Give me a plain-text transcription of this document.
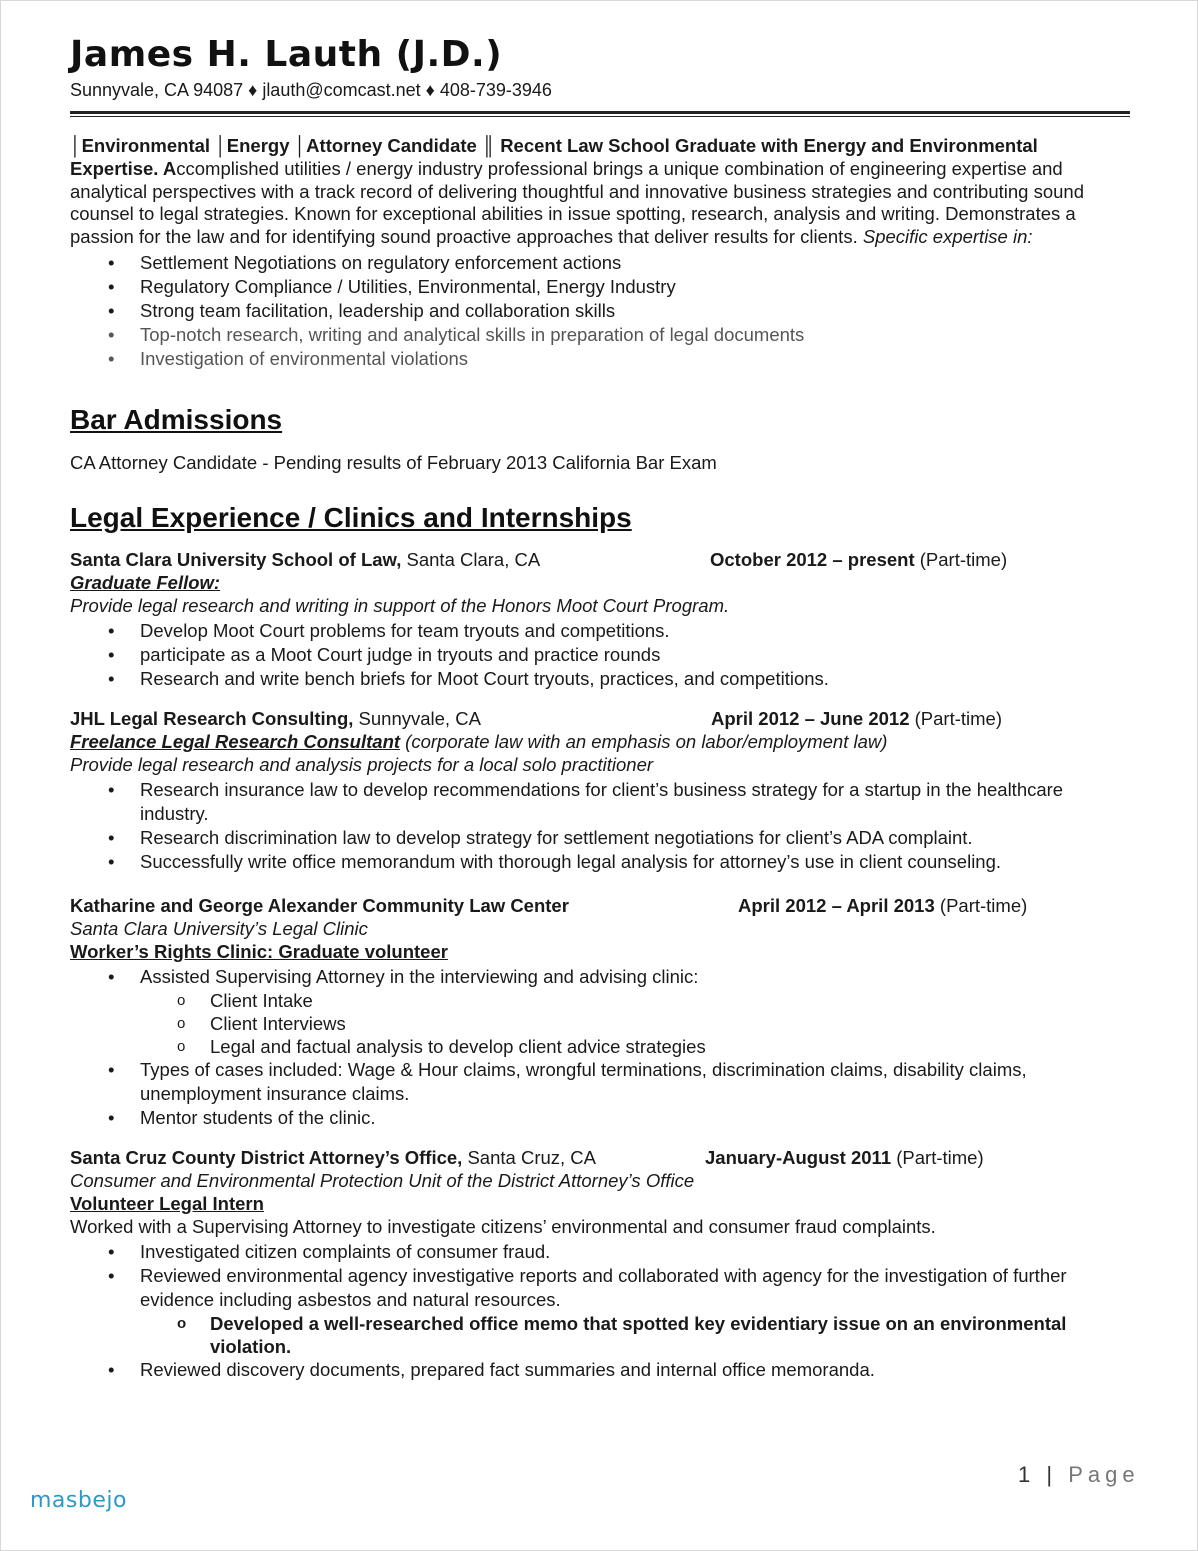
James H. Lauth (J.D.)
Sunnyvale, CA 94087 ♦ jlauth@comcast.net ♦ 408-739-3946
│Environmental │Energy │Attorney Candidate ║ Recent Law School Graduate with Energy and Environmental Expertise. Accomplished utilities / energy industry professional brings a unique combination of engineering expertise and analytical perspectives with a track record of delivering thoughtful and innovative business strategies and contributing sound counsel to legal strategies. Known for exceptional abilities in issue spotting, research, analysis and writing. Demonstrates a passion for the law and for identifying sound proactive approaches that deliver results for clients. Specific expertise in:
• Settlement Negotiations on regulatory enforcement actions
• Regulatory Compliance / Utilities, Environmental, Energy Industry
• Strong team facilitation, leadership and collaboration skills
• Top-notch research, writing and analytical skills in preparation of legal documents
• Investigation of environmental violations
Bar Admissions
CA Attorney Candidate - Pending results of February 2013 California Bar Exam
Legal Experience / Clinics and Internships
Santa Clara University School of Law, Santa Clara, CA	October 2012 – present (Part-time)
Graduate Fellow:
Provide legal research and writing in support of the Honors Moot Court Program.
• Develop Moot Court problems for team tryouts and competitions.
• participate as a Moot Court judge in tryouts and practice rounds
• Research and write bench briefs for Moot Court tryouts, practices, and competitions.
JHL Legal Research Consulting, Sunnyvale, CA	April 2012 – June 2012 (Part-time)
Freelance Legal Research Consultant (corporate law with an emphasis on labor/employment law)
Provide legal research and analysis projects for a local solo practitioner
• Research insurance law to develop recommendations for client’s business strategy for a startup in the healthcare industry.
• Research discrimination law to develop strategy for settlement negotiations for client’s ADA complaint.
• Successfully write office memorandum with thorough legal analysis for attorney’s use in client counseling.
Katharine and George Alexander Community Law Center	April 2012 – April 2013 (Part-time)
Santa Clara University’s Legal Clinic
Worker’s Rights Clinic: Graduate volunteer
• Assisted Supervising Attorney in the interviewing and advising clinic:
o Client Intake
o Client Interviews
o Legal and factual analysis to develop client advice strategies
• Types of cases included: Wage & Hour claims, wrongful terminations, discrimination claims, disability claims, unemployment insurance claims.
• Mentor students of the clinic.
Santa Cruz County District Attorney’s Office, Santa Cruz, CA	January-August 2011 (Part-time)
Consumer and Environmental Protection Unit of the District Attorney’s Office
Volunteer Legal Intern
Worked with a Supervising Attorney to investigate citizens’ environmental and consumer fraud complaints.
• Investigated citizen complaints of consumer fraud.
• Reviewed environmental agency investigative reports and collaborated with agency for the investigation of further evidence including asbestos and natural resources.
o Developed a well-researched office memo that spotted key evidentiary issue on an environmental violation.
• Reviewed discovery documents, prepared fact summaries and internal office memoranda.
1 | Page
masbejo
